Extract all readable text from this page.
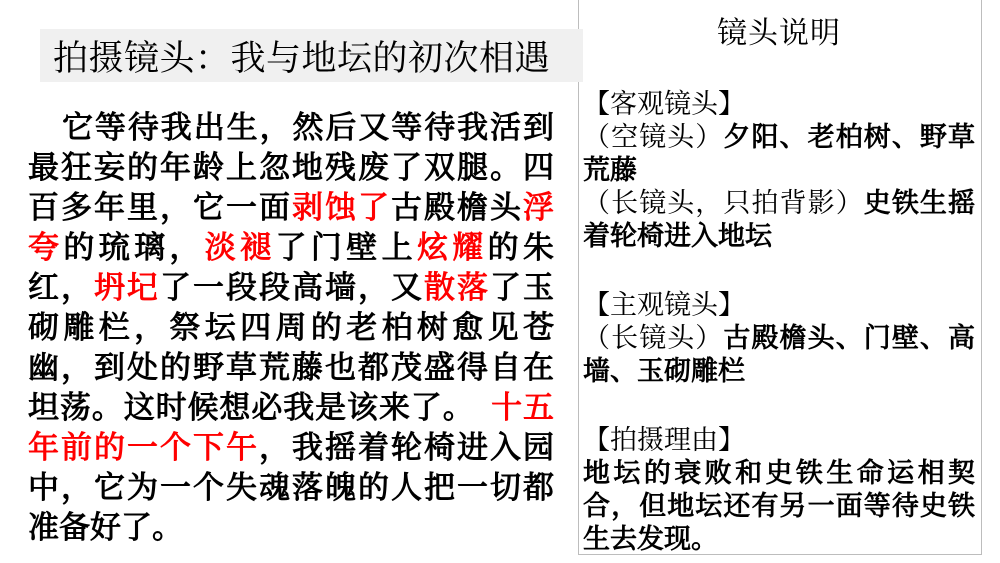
拍摄镜头：我与地坛的初次相遇
它等待我出生，然后又等待我活到最狂妄的年龄上忽地残废了双腿。四百多年里，它一面剥蚀了古殿檐头浮夸的琉璃，淡褪了门壁上炫耀的朱红，坍圮了一段段高墙，又散落了玉砌雕栏，祭坛四周的老柏树愈见苍幽，到处的野草荒藤也都茂盛得自在坦荡。这时候想必我是该来了。　十五年前的一个下午，我摇着轮椅进入园中，它为一个失魂落魄的人把一切都准备好了。
镜头说明
【客观镜头】
（空镜头）夕阳、老柏树、野草荒藤
（长镜头，只拍背影）史铁生摇着轮椅进入地坛
【主观镜头】
（长镜头）古殿檐头、门壁、高墙、玉砌雕栏
【拍摄理由】
地坛的衰败和史铁生命运相契合，但地坛还有另一面等待史铁生去发现。
